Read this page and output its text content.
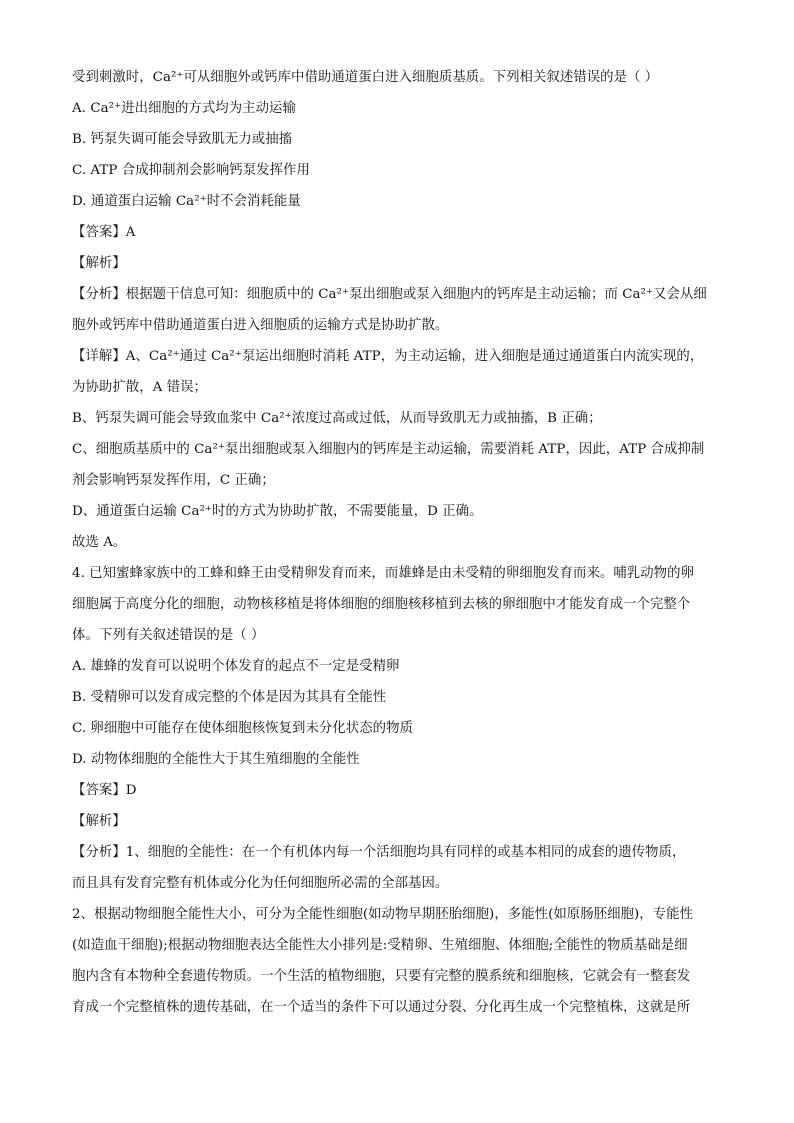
受到刺激时，Ca²⁺可从细胞外或钙库中借助通道蛋白进入细胞质基质。下列相关叙述错误的是（ ）
A. Ca²⁺进出细胞的方式均为主动运输
B. 钙泵失调可能会导致肌无力或抽搐
C. ATP 合成抑制剂会影响钙泵发挥作用
D. 通道蛋白运输 Ca²⁺时不会消耗能量
【答案】A
【解析】
【分析】根据题干信息可知：细胞质中的 Ca²⁺泵出细胞或泵入细胞内的钙库是主动运输；而 Ca²⁺又会从细
胞外或钙库中借助通道蛋白进入细胞质的运输方式是协助扩散。
【详解】A、Ca²⁺通过 Ca²⁺泵运出细胞时消耗 ATP，为主动运输，进入细胞是通过通道蛋白内流实现的，
为协助扩散，A 错误；
B、钙泵失调可能会导致血浆中 Ca²⁺浓度过高或过低，从而导致肌无力或抽搐，B 正确；
C、细胞质基质中的 Ca²⁺泵出细胞或泵入细胞内的钙库是主动运输，需要消耗 ATP，因此，ATP 合成抑制
剂会影响钙泵发挥作用，C 正确；
D、通道蛋白运输 Ca²⁺时的方式为协助扩散，不需要能量，D 正确。
故选 A。
4. 已知蜜蜂家族中的工蜂和蜂王由受精卵发育而来，而雄蜂是由未受精的卵细胞发育而来。哺乳动物的卵
细胞属于高度分化的细胞，动物核移植是将体细胞的细胞核移植到去核的卵细胞中才能发育成一个完整个
体。下列有关叙述错误的是（ ）
A. 雄蜂的发育可以说明个体发育的起点不一定是受精卵
B. 受精卵可以发育成完整的个体是因为其具有全能性
C. 卵细胞中可能存在使体细胞核恢复到未分化状态的物质
D. 动物体细胞的全能性大于其生殖细胞的全能性
【答案】D
【解析】
【分析】1、细胞的全能性：在一个有机体内每一个活细胞均具有同样的或基本相同的成套的遗传物质，
而且具有发育完整有机体或分化为任何细胞所必需的全部基因。
2、根据动物细胞全能性大小，可分为全能性细胞(如动物早期胚胎细胞)，多能性(如原肠胚细胞)，专能性
(如造血干细胞);根据动物细胞表达全能性大小排列是:受精卵、生殖细胞、体细胞;全能性的物质基础是细
胞内含有本物种全套遗传物质。一个生活的植物细胞，只要有完整的膜系统和细胞核，它就会有一整套发
育成一个完整植株的遗传基础，在一个适当的条件下可以通过分裂、分化再生成一个完整植株，这就是所
